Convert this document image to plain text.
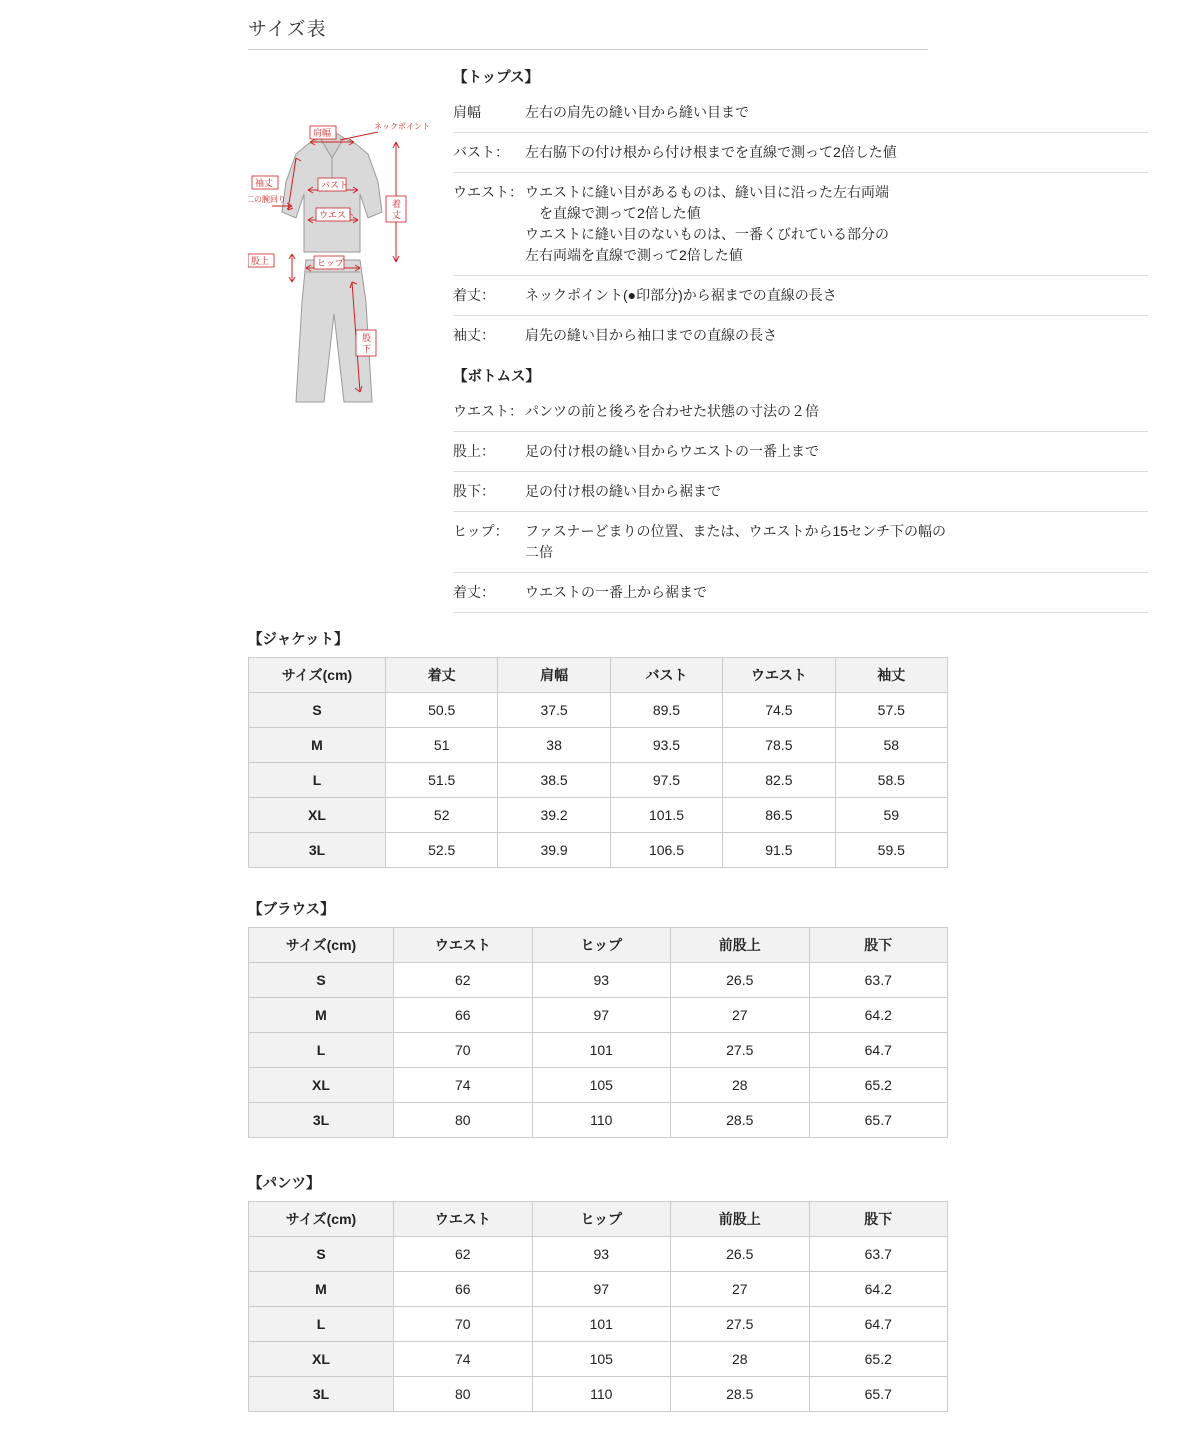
サイズ表
肩幅
ネックポイント
袖丈	バスト
ウエスト
二の腕回り
股上	ヒップ
着
丈
股
下
【トップス】
肩幅	左右の肩先の縫い目から縫い目まで
バスト：	左右脇下の付け根から付け根までを直線で測って2倍した値
ウエスト： ウエストに縫い目があるものは、縫い目に沿った左右両端
を直線で測って2倍した値
ウエストに縫い目のないものは、一番くびれている部分の
左右両端を直線で測って2倍した値
着丈：	ネックポイント(●印部分)から裾までの直線の長さ
袖丈：	肩先の縫い目から袖口までの直線の長さ
【ボトムス】
ウエスト： パンツの前と後ろを合わせた状態の寸法の２倍
股上：	足の付け根の縫い目からウエストの一番上まで
股下：	足の付け根の縫い目から裾まで
ヒップ：	ファスナーどまりの位置、または、ウエストから15センチ下の幅の
二倍
着丈：	ウエストの一番上から裾まで
【ジャケット】
サイズ(cm)	着丈	肩幅	バスト	ウエスト	袖丈
S	50.5	37.5	89.5	74.5	57.5
M	51	38	93.5	78.5	58
L	51.5	38.5	97.5	82.5	58.5
XL	52	39.2	101.5	86.5	59
3L	52.5	39.9	106.5	91.5	59.5
【ブラウス】
サイズ(cm)	ウエスト	ヒップ	前股上	股下
S	62	93	26.5	63.7
M	66	97	27	64.2
L	70	101	27.5	64.7
XL	74	105	28	65.2
3L	80	110	28.5	65.7
【パンツ】
サイズ(cm)	ウエスト	ヒップ	前股上	股下
S	62	93	26.5	63.7
M	66	97	27	64.2
L	70	101	27.5	64.7
XL	74	105	28	65.2
3L	80	110	28.5	65.7
